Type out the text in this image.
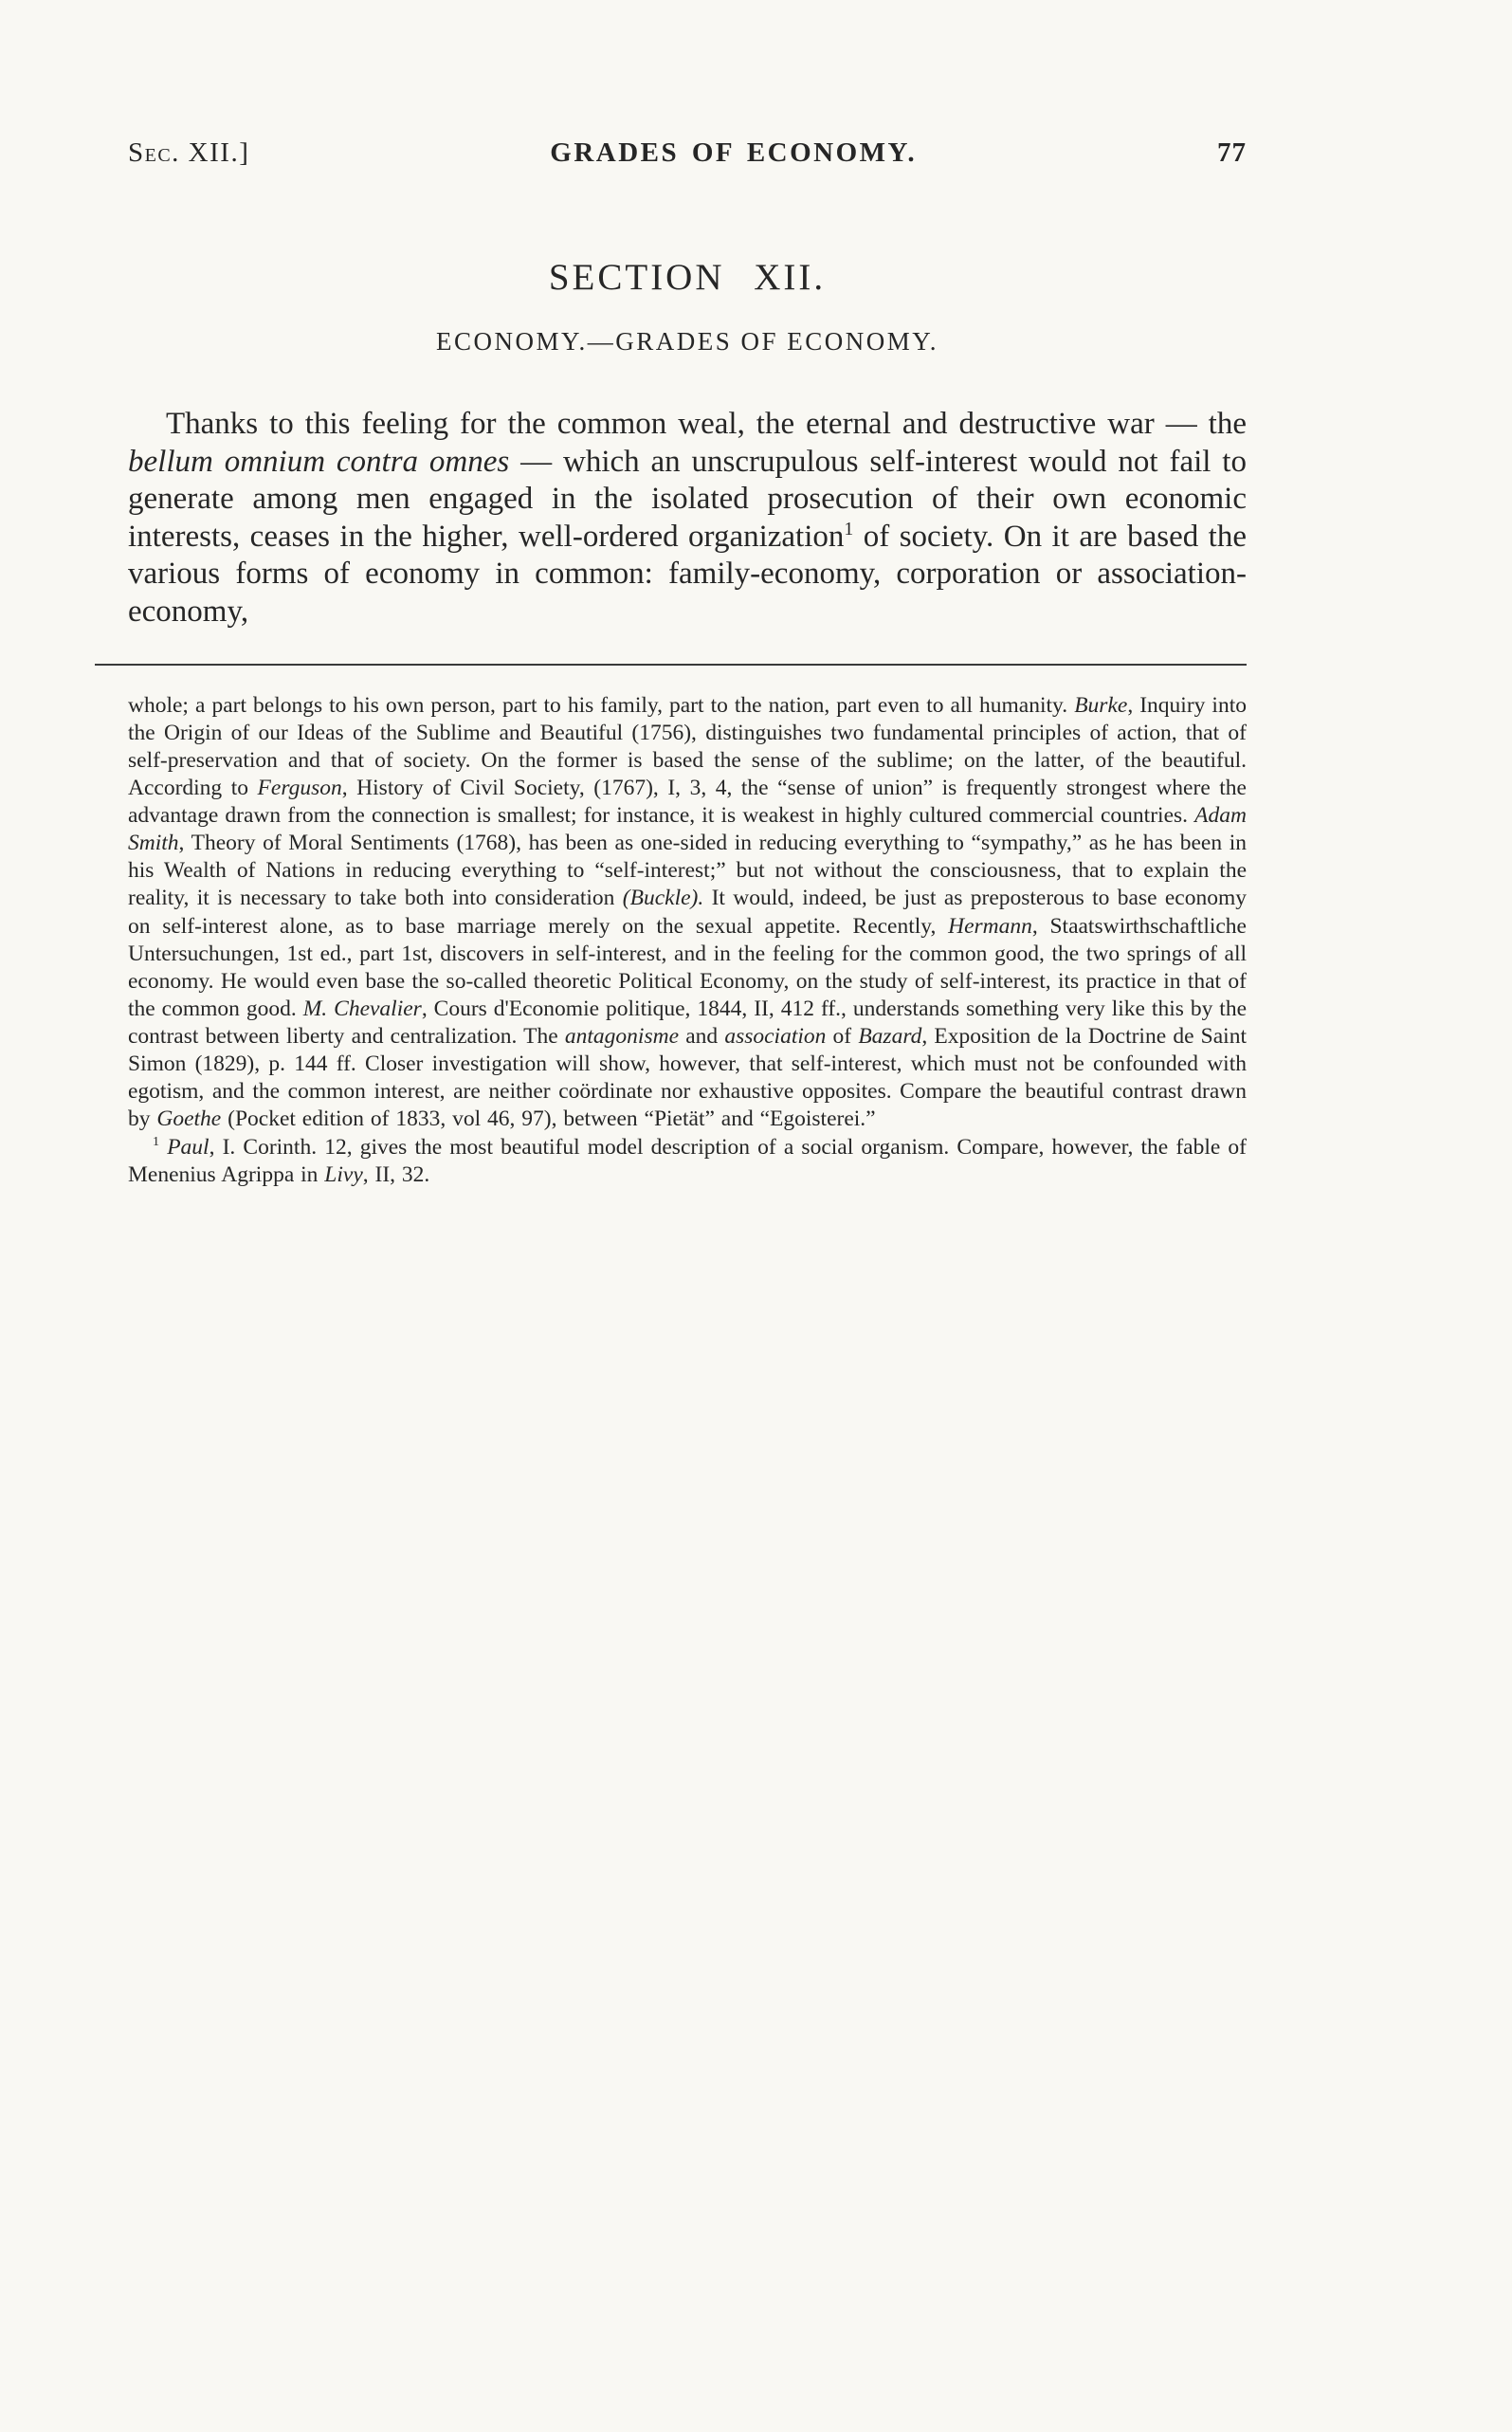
Sec. XII.]	GRADES OF ECONOMY.	77
SECTION XII.
ECONOMY.—GRADES OF ECONOMY.

Thanks to this feeling for the common weal, the eternal and destructive war — the bellum omnium contra omnes — which an unscrupulous self-interest would not fail to generate among men engaged in the isolated prosecution of their own economic interests, ceases in the higher, well-ordered organization$^1$ of society. On it are based the various forms of economy in common: family-economy, corporation or association-economy,

whole; a part belongs to his own person, part to his family, part to the nation, part even to all humanity. Burke, Inquiry into the Origin of our Ideas of the Sublime and Beautiful (1756), distinguishes two fundamental principles of action, that of self-preservation and that of society. On the former is based the sense of the sublime; on the latter, of the beautiful. According to Ferguson, History of Civil Society, (1767), I, 3, 4, the “sense of union” is frequently strongest where the advantage drawn from the connection is smallest; for instance, it is weakest in highly cultured commercial countries. Adam Smith, Theory of Moral Sentiments (1768), has been as one-sided in reducing everything to “sympathy,” as he has been in his Wealth of Nations in reducing everything to “self-interest;” but not without the consciousness, that to explain the reality, it is necessary to take both into consideration (Buckle). It would, indeed, be just as preposterous to base economy on self-interest alone, as to base marriage merely on the sexual appetite. Recently, Hermann, Staatswirthschaftliche Untersuchungen, 1st ed., part 1st, discovers in self-interest, and in the feeling for the common good, the two springs of all economy. He would even base the so-called theoretic Political Economy, on the study of self-interest, its practice in that of the common good. M. Chevalier, Cours d'Economie politique, 1844, II, 412 ff., understands something very like this by the contrast between liberty and centralization. The antagonisme and association of Bazard, Exposition de la Doctrine de Saint Simon (1829), p. 144 ff. Closer investigation will show, however, that self-interest, which must not be confounded with egotism, and the common interest, are neither coördinate nor exhaustive opposites. Compare the beautiful contrast drawn by Goethe (Pocket edition of 1833, vol 46, 97), between “Pietät” and “Egoisterei.”

$^1$ Paul, I. Corinth. 12, gives the most beautiful model description of a social organism. Compare, however, the fable of Menenius Agrippa in Livy, II, 32.
